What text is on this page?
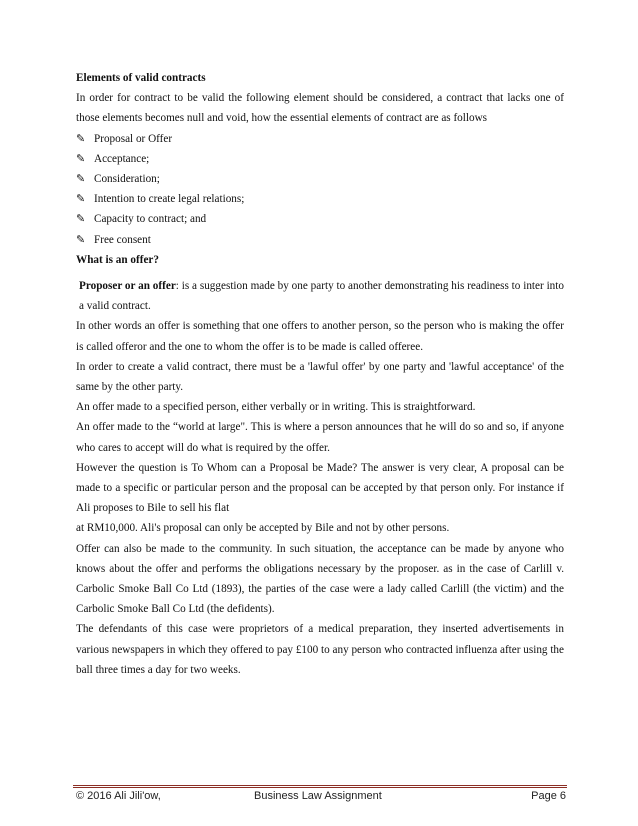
Elements of valid contracts

In order for contract to be valid the following element should be considered, a contract that lacks one of those elements becomes null and void, how the essential elements of contract are as follows

✎ Proposal or Offer
✎ Acceptance;
✎ Consideration;
✎ Intention to create legal relations;
✎ Capacity to contract; and
✎ Free consent

What is an offer?

Proposer or an offer: is a suggestion made by one party to another demonstrating his readiness to inter into a valid contract.

In other words an offer is something that one offers to another person, so the person who is making the offer is called offeror and the one to whom the offer is to be made is called offeree.

In order to create a valid contract, there must be a 'lawful offer' by one party and 'lawful acceptance' of the same by the other party.

An offer made to a specified person, either verbally or in writing. This is straightforward.

An offer made to the “world at large". This is where a person announces that he will do so and so, if anyone who cares to accept will do what is required by the offer.

However the question is To Whom can a Proposal be Made? The answer is very clear, A proposal can be made to a specific or particular person and the proposal can be accepted by that person only. For instance if Ali proposes to Bile to sell his flat

at RM10,000. Ali's proposal can only be accepted by Bile and not by other persons.

Offer can also be made to the community. In such situation, the acceptance can be made by anyone who knows about the offer and performs the obligations necessary by the proposer. as in the case of Carlill v. Carbolic Smoke Ball Co Ltd (1893), the parties of the case were a lady called Carlill (the victim) and the Carbolic Smoke Ball Co Ltd (the defidents).

The defendants of this case were proprietors of a medical preparation, they inserted advertisements in various newspapers in which they offered to pay £100 to any person who contracted influenza after using the ball three times a day for two weeks.

© 2016 Ali Jili'ow,	Business Law Assignment	Page 6
